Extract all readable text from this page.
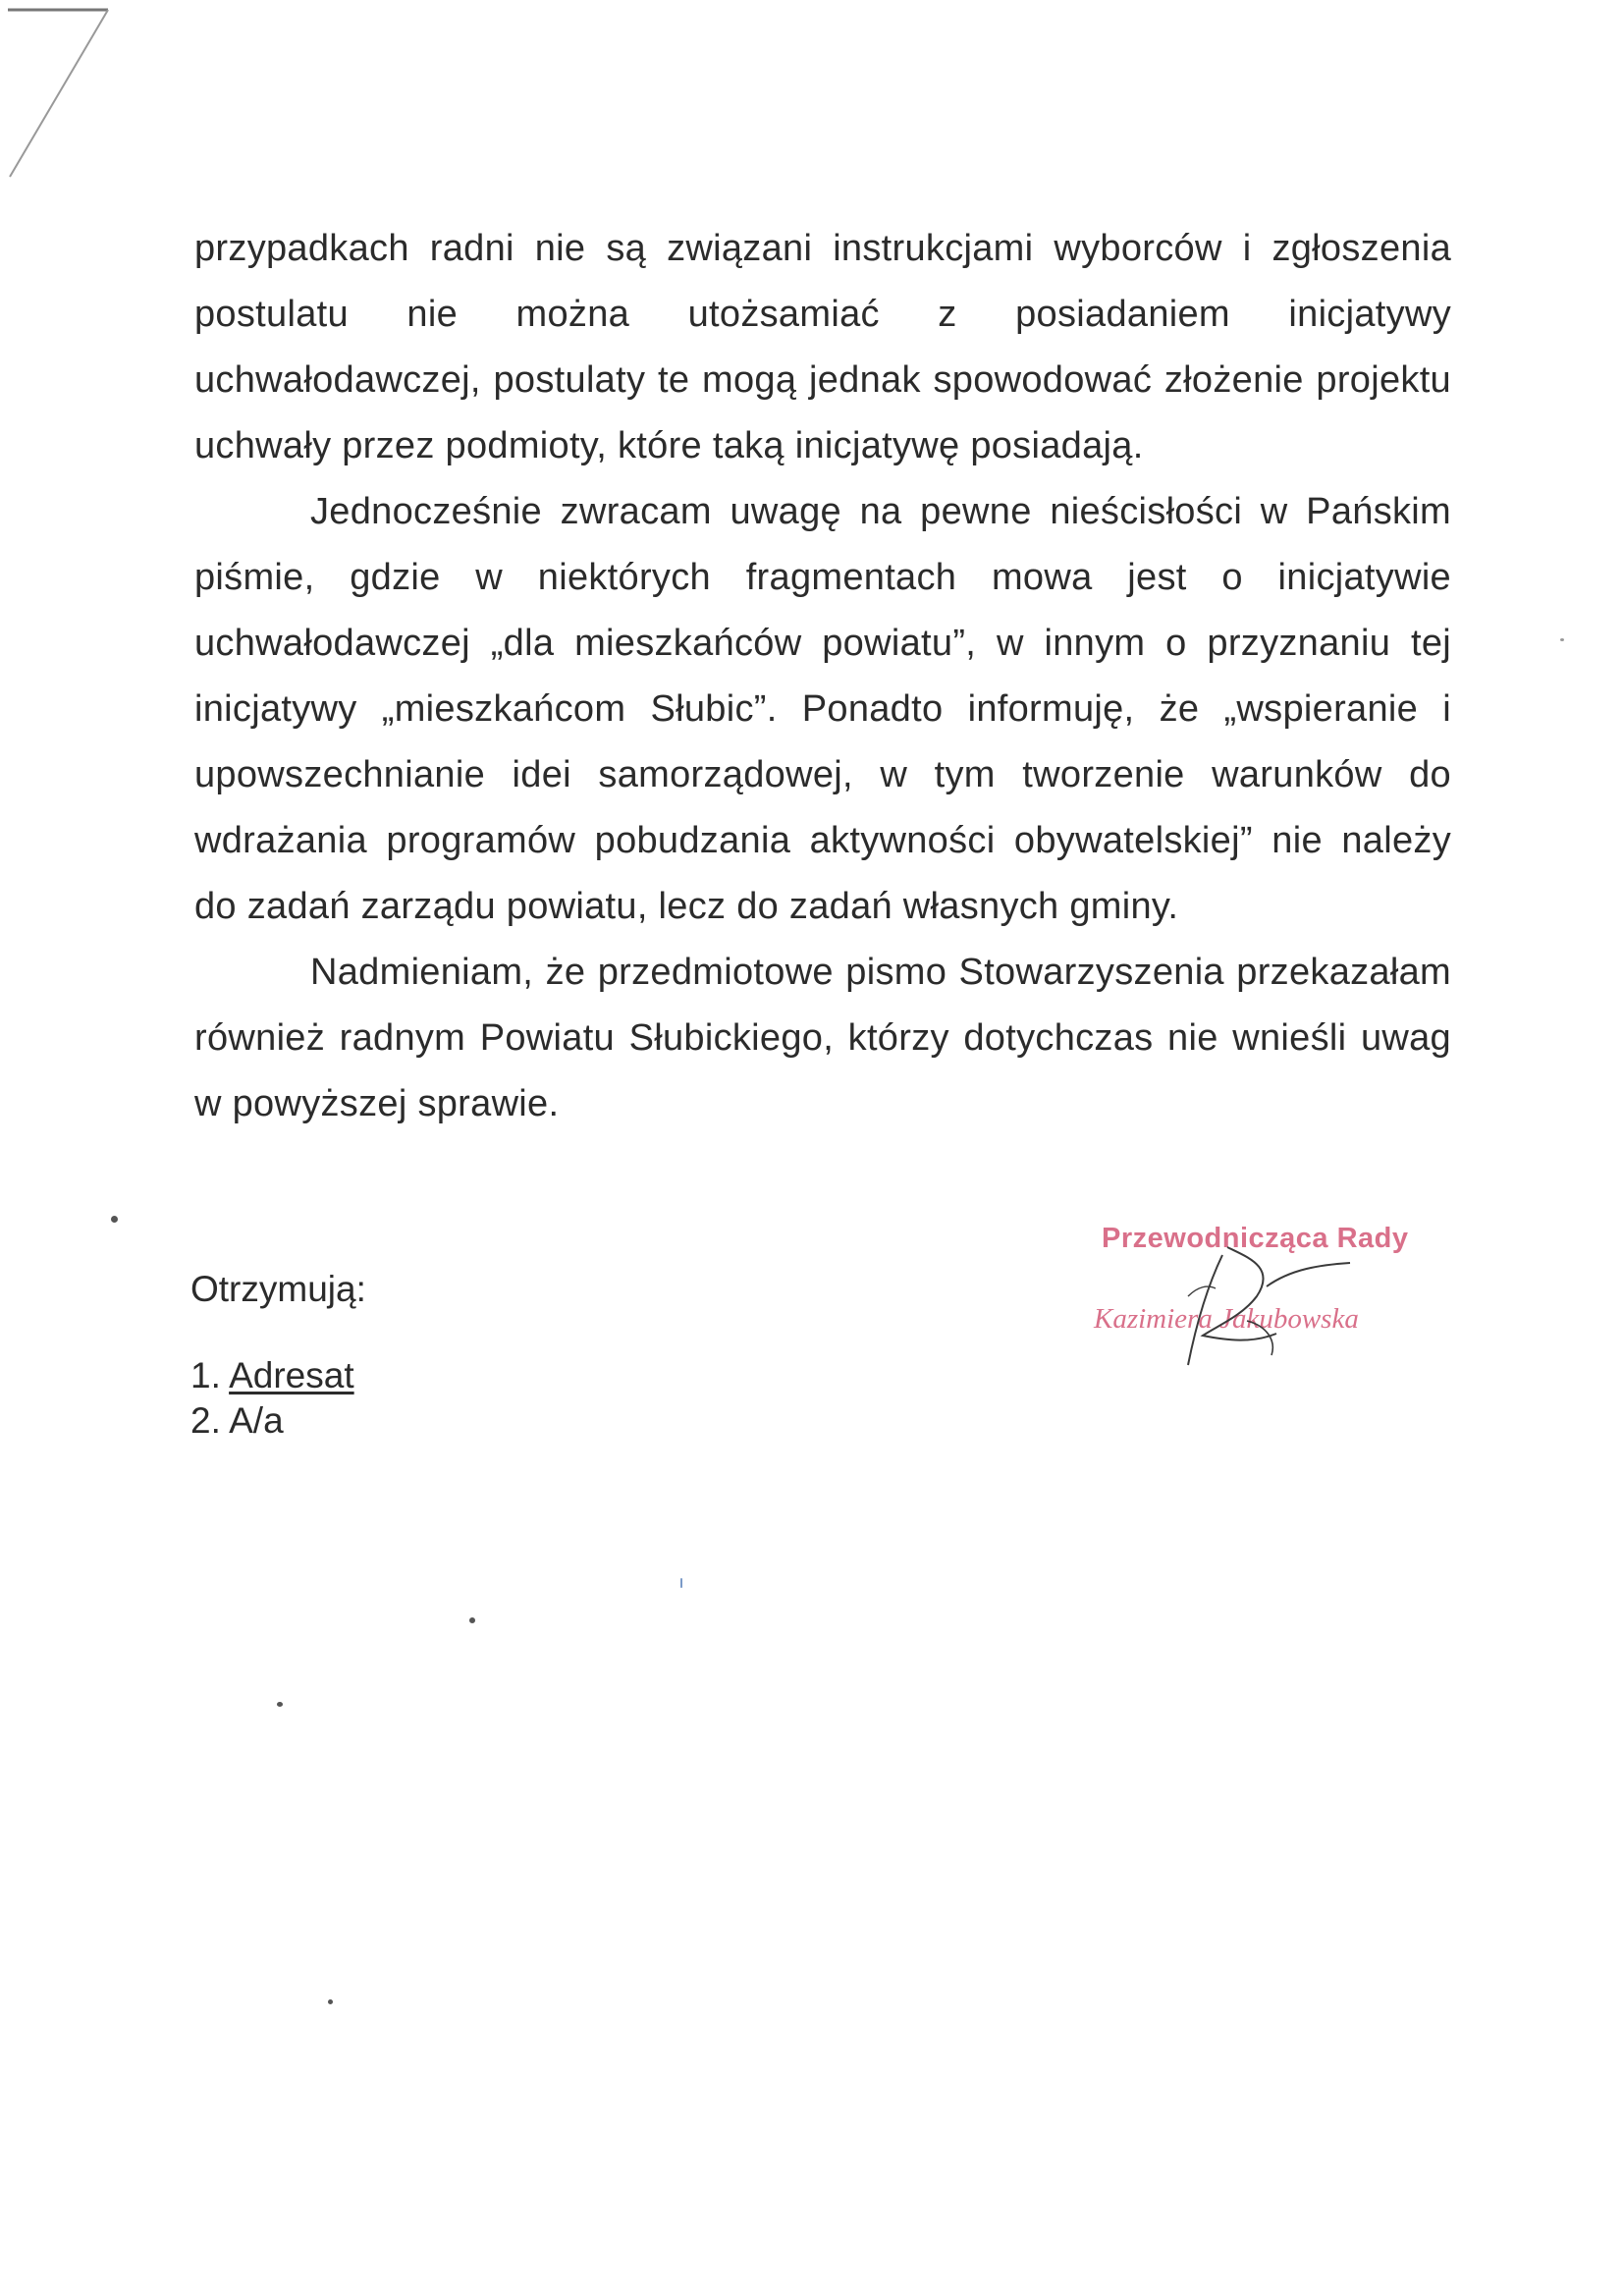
przypadkach radni nie są związani instrukcjami wyborców i zgłoszenia postulatu nie można utożsamiać z posiadaniem inicjatywy uchwałodawczej, postulaty te mogą jednak spowodować złożenie projektu uchwały przez podmioty, które taką inicjatywę posiadają.

Jednocześnie zwracam uwagę na pewne nieścisłości w Pańskim piśmie, gdzie w niektórych fragmentach mowa jest o inicjatywie uchwałodawczej „dla mieszkańców powiatu”, w innym o przyznaniu tej inicjatywy „mieszkańcom Słubic”. Ponadto informuję, że „wspieranie i upowszechnianie idei samorządowej, w tym tworzenie warunków do wdrażania programów pobudzania aktywności obywatelskiej” nie należy do zadań zarządu powiatu, lecz do zadań własnych gminy.

Nadmieniam, że przedmiotowe pismo Stowarzyszenia przekazałam również radnym Powiatu Słubickiego, którzy dotychczas nie wnieśli uwag w powyższej sprawie.

Otrzymują:

1. Adresat
2. A/a
Przewodnicząca Rady
Kazimiera Jakubowska
